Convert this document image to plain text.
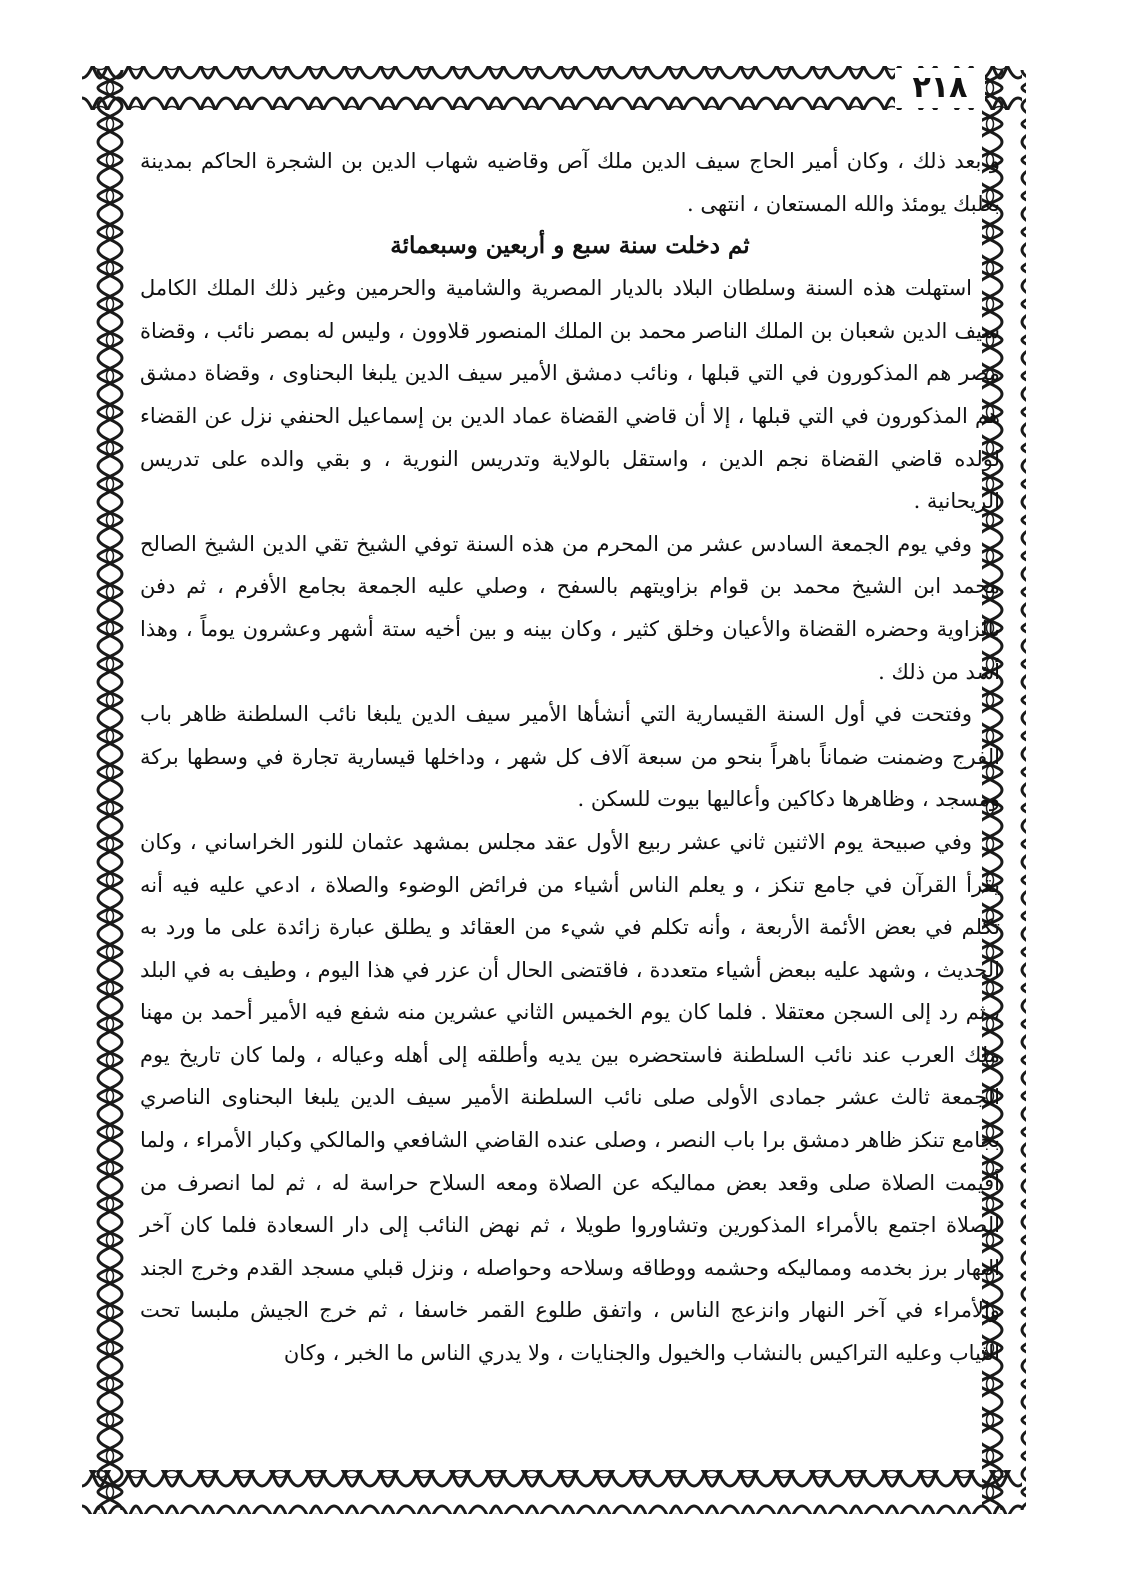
٢١٨

و بعد ذلك ، وكان أمير الحاج سيف الدين ملك آص وقاضيه شهاب الدين بن الشجرة الحاكم بمدينة بعلبك يومئذ والله المستعان ، انتهى .

ثم دخلت سنة سبع و أربعين وسبعمائة

استهلت هذه السنة وسلطان البلاد بالديار المصرية والشامية والحرمين وغير ذلك الملك الكامل سيف الدين شعبان بن الملك الناصر محمد بن الملك المنصور قلاوون ، وليس له بمصر نائب ، وقضاة مصر هم المذكورون في التي قبلها ، ونائب دمشق الأمير سيف الدين يلبغا البحناوى ، وقضاة دمشق هم المذكورون في التي قبلها ، إلا أن قاضي القضاة عماد الدين بن إسماعيل الحنفي نزل عن القضاء لولده قاضي القضاة نجم الدين ، واستقل بالولاية وتدريس النورية ، و بقي والده على تدريس الريحانية .

وفي يوم الجمعة السادس عشر من المحرم من هذه السنة توفي الشيخ تقي الدين الشيخ الصالح محمد ابن الشيخ محمد بن قوام بزاويتهم بالسفح ، وصلي عليه الجمعة بجامع الأفرم ، ثم دفن بالزاوية وحضره القضاة والأعيان وخلق كثير ، وكان بينه و بين أخيه ستة أشهر وعشرون يوماً ، وهذا أشد من ذلك .

وفتحت في أول السنة القيسارية التي أنشأها الأمير سيف الدين يلبغا نائب السلطنة ظاهر باب الفرج وضمنت ضماناً باهراً بنحو من سبعة آلاف كل شهر ، وداخلها قيسارية تجارة في وسطها بركة ومسجد ، وظاهرها دكاكين وأعاليها بيوت للسكن .

وفي صبيحة يوم الاثنين ثاني عشر ربيع الأول عقد مجلس بمشهد عثمان للنور الخراساني ، وكان يقرأ القرآن في جامع تنكز ، و يعلم الناس أشياء من فرائض الوضوء والصلاة ، ادعي عليه فيه أنه تكلم في بعض الأئمة الأربعة ، وأنه تكلم في شيء من العقائد و يطلق عبارة زائدة على ما ورد به الحديث ، وشهد عليه ببعض أشياء متعددة ، فاقتضى الحال أن عزر في هذا اليوم ، وطيف به في البلد ، ثم رد إلى السجن معتقلا . فلما كان يوم الخميس الثاني عشرين منه شفع فيه الأمير أحمد بن مهنا ملك العرب عند نائب السلطنة فاستحضره بين يديه وأطلقه إلى أهله وعياله ، ولما كان تاريخ يوم الجمعة ثالث عشر جمادى الأولى صلى نائب السلطنة الأمير سيف الدين يلبغا البحناوى الناصري بجامع تنكز ظاهر دمشق برا باب النصر ، وصلى عنده القاضي الشافعي والمالكي وكبار الأمراء ، ولما أقيمت الصلاة صلى وقعد بعض مماليكه عن الصلاة ومعه السلاح حراسة له ، ثم لما انصرف من الصلاة اجتمع بالأمراء المذكورين وتشاوروا طويلا ، ثم نهض النائب إلى دار السعادة فلما كان آخر النهار برز بخدمه ومماليكه وحشمه ووطاقه وسلاحه وحواصله ، ونزل قبلي مسجد القدم وخرج الجند والأمراء في آخر النهار وانزعج الناس ، واتفق طلوع القمر خاسفا ، ثم خرج الجيش ملبسا تحت الثياب وعليه التراكيس بالنشاب والخيول والجنايات ، ولا يدري الناس ما الخبر ، وكان
